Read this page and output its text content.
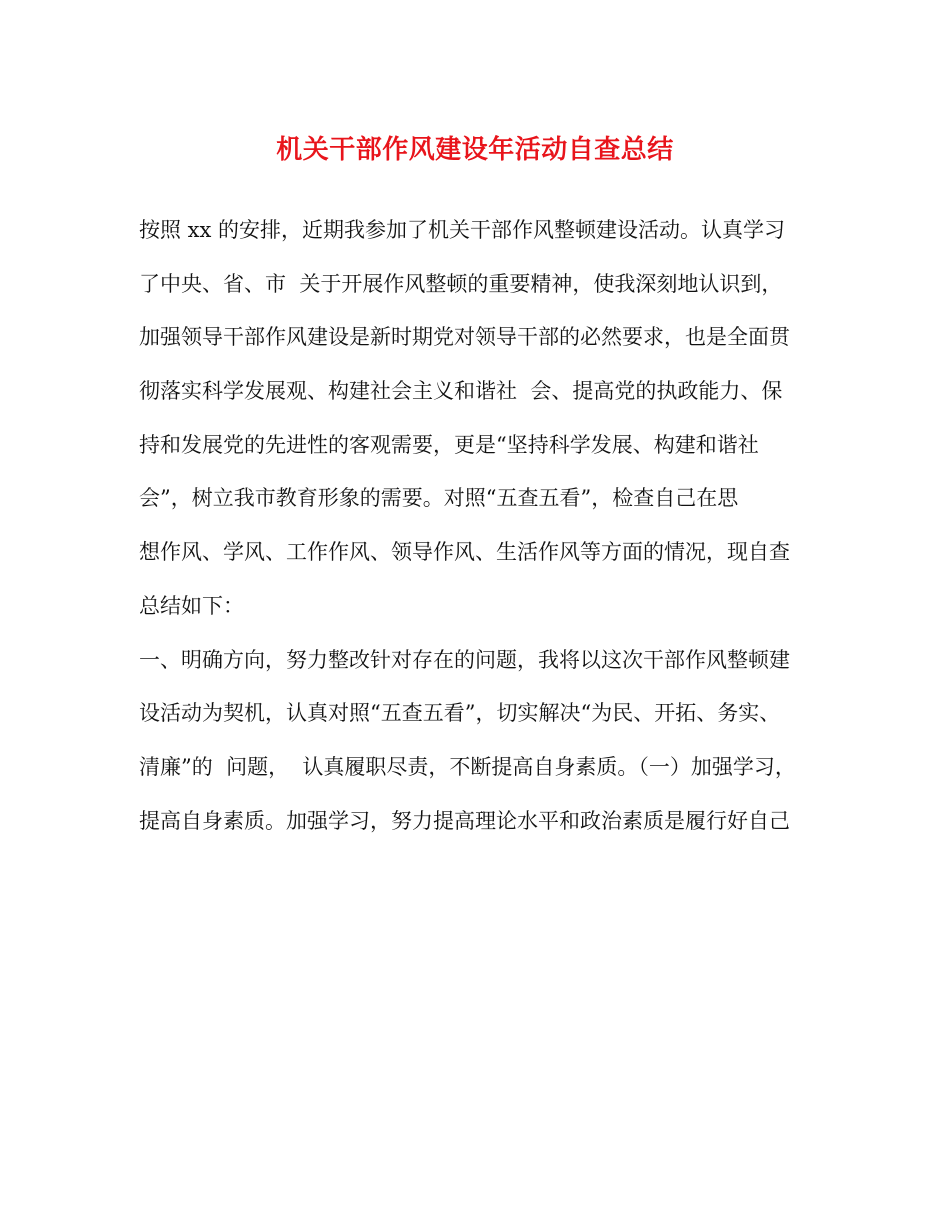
机关干部作风建设年活动自查总结
按照 xx 的安排，近期我参加了机关干部作风整顿建设活动。认真学习
了中央、省、市  关于开展作风整顿的重要精神，使我深刻地认识到，
加强领导干部作风建设是新时期党对领导干部的必然要求，也是全面贯
彻落实科学发展观、构建社会主义和谐社  会、提高党的执政能力、保
持和发展党的先进性的客观需要，更是“坚持科学发展、构建和谐社
会”，树立我市教育形象的需要。对照“五查五看”，检查自己在思
想作风、学风、工作作风、领导作风、生活作风等方面的情况，现自查
总结如下：
一、明确方向，努力整改针对存在的问题，我将以这次干部作风整顿建
设活动为契机，认真对照“五查五看”，切实解决“为民、开拓、务实、
清廉”的  问题，  认真履职尽责，不断提高自身素质。（一）加强学习，
提高自身素质。加强学习，努力提高理论水平和政治素质是履行好自己
